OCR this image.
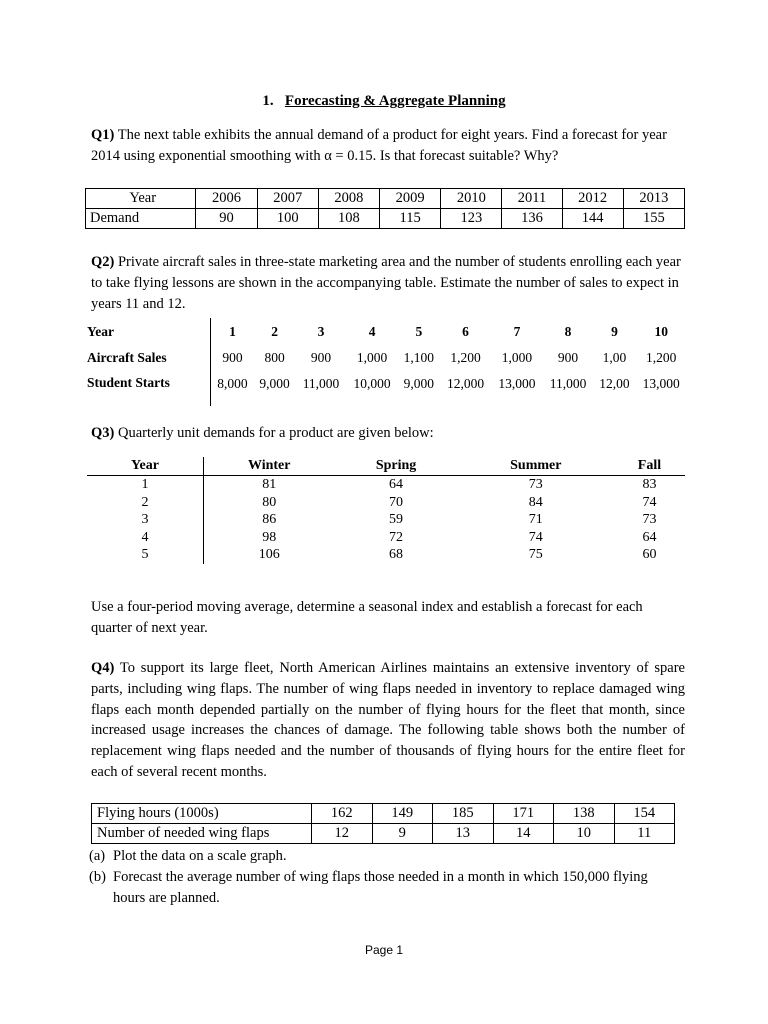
1. Forecasting & Aggregate Planning
Q1) The next table exhibits the annual demand of a product for eight years. Find a forecast for year 2014 using exponential smoothing with α = 0.15. Is that forecast suitable? Why?
Year	2006	2007	2008	2009	2010	2011	2012	2013
Demand	90	100	108	115	123	136	144	155
Q2) Private aircraft sales in three-state marketing area and the number of students enrolling each year to take flying lessons are shown in the accompanying table. Estimate the number of sales to expect in years 11 and 12.
Year	1	2	3	4	5	6	7	8	9	10
Aircraft Sales	900	800	900	1,000	1,100	1,200	1,000	900	1,00	1,200
Student Starts	8,000	9,000	11,000	10,000	9,000	12,000	13,000	11,000	12,00	13,000
Q3) Quarterly unit demands for a product are given below:
Year	Winter	Spring	Summer	Fall
1	81	64	73	83
2	80	70	84	74
3	86	59	71	73
4	98	72	74	64
5	106	68	75	60
Use a four-period moving average, determine a seasonal index and establish a forecast for each quarter of next year.
Q4) To support its large fleet, North American Airlines maintains an extensive inventory of spare parts, including wing flaps. The number of wing flaps needed in inventory to replace damaged wing flaps each month depended partially on the number of flying hours for the fleet that month, since increased usage increases the chances of damage. The following table shows both the number of replacement wing flaps needed and the number of thousands of flying hours for the entire fleet for each of several recent months.
Flying hours (1000s)	162	149	185	171	138	154
Number of needed wing flaps	12	9	13	14	10	11
(a) Plot the data on a scale graph.
(b) Forecast the average number of wing flaps those needed in a month in which 150,000 flying
hours are planned.
Page 1
